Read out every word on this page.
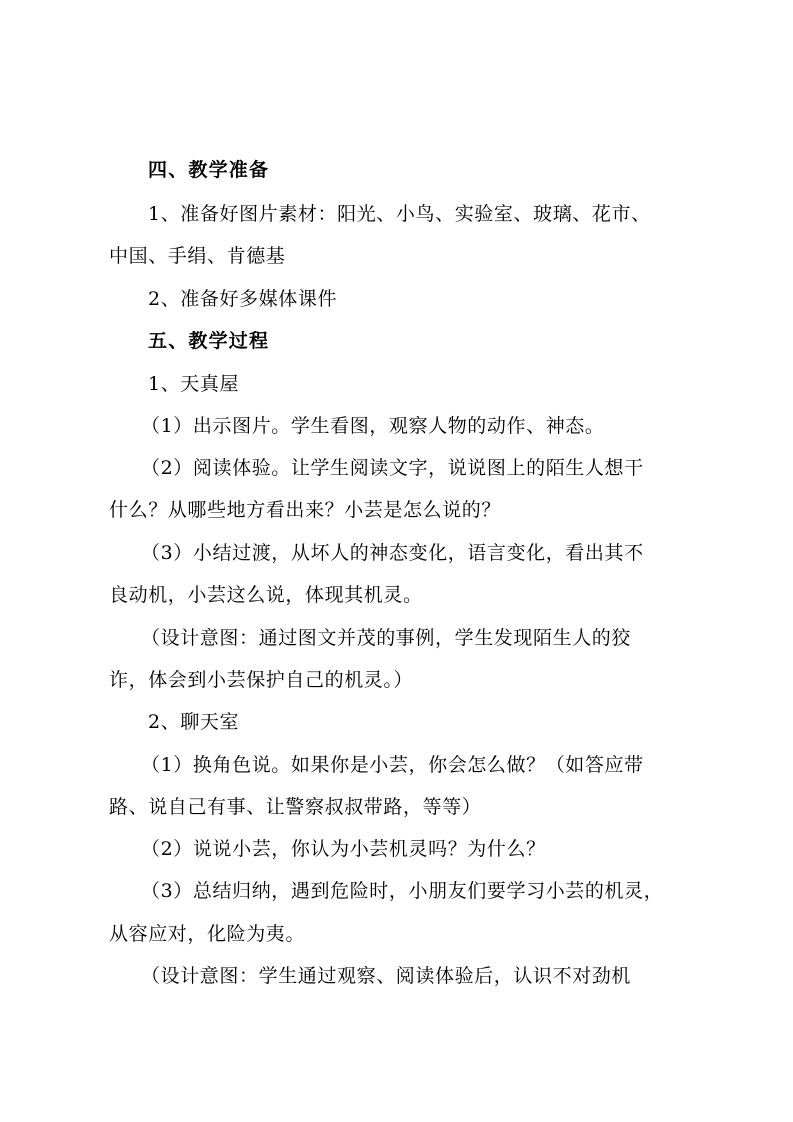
四、教学准备
1、准备好图片素材：阳光、小鸟、实验室、玻璃、花市、
中国、手绢、肯德基
2、准备好多媒体课件
五、教学过程
1、天真屋
（1）出示图片。学生看图，观察人物的动作、神态。
（2）阅读体验。让学生阅读文字，说说图上的陌生人想干
什么？从哪些地方看出来？小芸是怎么说的？
（3）小结过渡，从坏人的神态变化，语言变化，看出其不
良动机，小芸这么说，体现其机灵。
（设计意图：通过图文并茂的事例，学生发现陌生人的狡
诈，体会到小芸保护自己的机灵。）
2、聊天室
（1）换角色说。如果你是小芸，你会怎么做？（如答应带
路、说自己有事、让警察叔叔带路，等等）
（2）说说小芸，你认为小芸机灵吗？为什么？
（3）总结归纳，遇到危险时，小朋友们要学习小芸的机灵，
从容应对，化险为夷。
（设计意图：学生通过观察、阅读体验后，认识不对劲机
